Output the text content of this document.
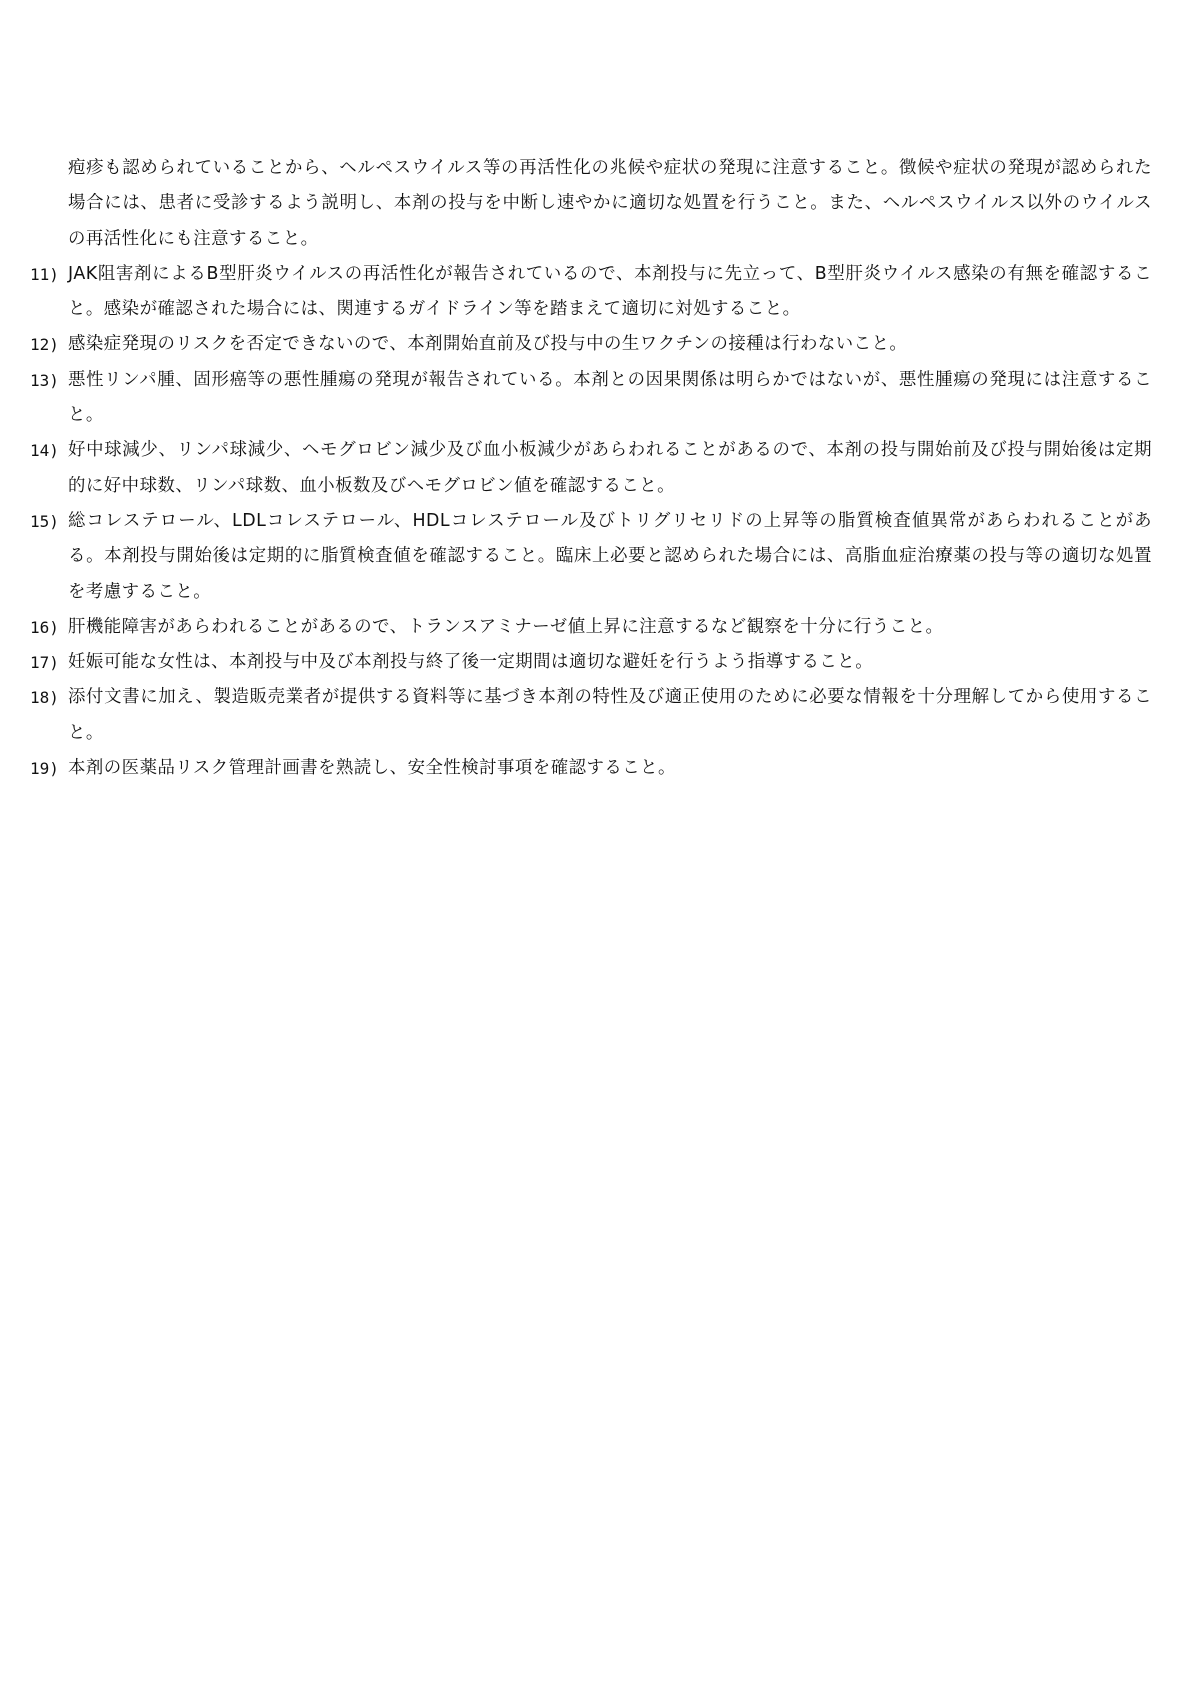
疱疹も認められていることから、ヘルペスウイルス等の再活性化の兆候や症状の発現に注意すること。徴候や症状の発現が認められた場合には、患者に受診するよう説明し、本剤の投与を中断し速やかに適切な処置を行うこと。また、ヘルペスウイルス以外のウイルスの再活性化にも注意すること。
11) JAK阻害剤によるB型肝炎ウイルスの再活性化が報告されているので、本剤投与に先立って、B型肝炎ウイルス感染の有無を確認すること。感染が確認された場合には、関連するガイドライン等を踏まえて適切に対処すること。
12) 感染症発現のリスクを否定できないので、本剤開始直前及び投与中の生ワクチンの接種は行わないこと。
13) 悪性リンパ腫、固形癌等の悪性腫瘍の発現が報告されている。本剤との因果関係は明らかではないが、悪性腫瘍の発現には注意すること。
14) 好中球減少、リンパ球減少、ヘモグロビン減少及び血小板減少があらわれることがあるので、本剤の投与開始前及び投与開始後は定期的に好中球数、リンパ球数、血小板数及びヘモグロビン値を確認すること。
15) 総コレステロール、LDLコレステロール、HDLコレステロール及びトリグリセリドの上昇等の脂質検査値異常があらわれることがある。本剤投与開始後は定期的に脂質検査値を確認すること。臨床上必要と認められた場合には、高脂血症治療薬の投与等の適切な処置を考慮すること。
16) 肝機能障害があらわれることがあるので、トランスアミナーゼ値上昇に注意するなど観察を十分に行うこと。
17) 妊娠可能な女性は、本剤投与中及び本剤投与終了後一定期間は適切な避妊を行うよう指導すること。
18) 添付文書に加え、製造販売業者が提供する資料等に基づき本剤の特性及び適正使用のために必要な情報を十分理解してから使用すること。
19) 本剤の医薬品リスク管理計画書を熟読し、安全性検討事項を確認すること。
